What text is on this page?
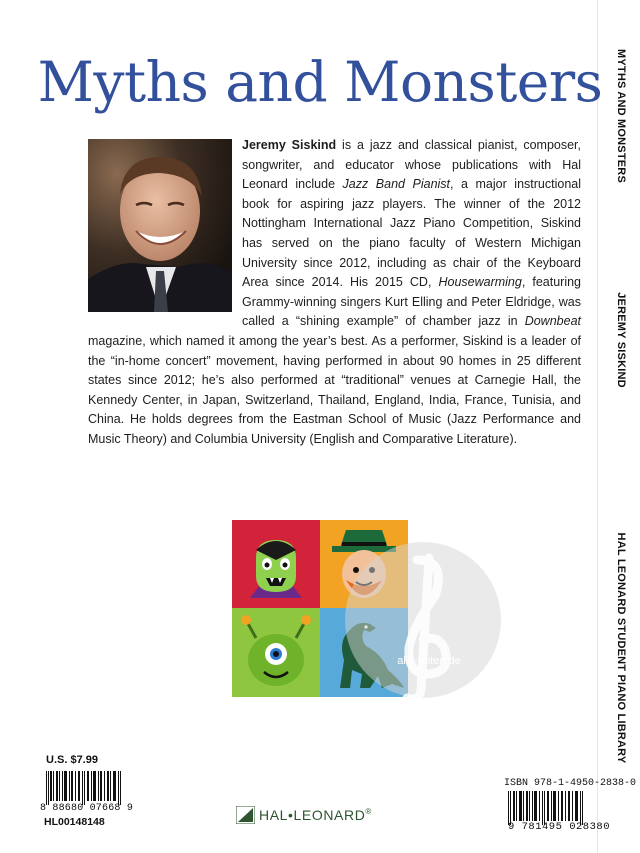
MYTHS AND MONSTERS
JEREMY SISKIND
HAL LEONARD STUDENT PIANO LIBRARY
Myths and Monsters
Jeremy Siskind is a jazz and classical pianist, composer, songwriter, and educator whose publications with Hal Leonard include Jazz Band Pianist, a major instructional book for aspiring jazz players. The winner of the 2012 Nottingham International Jazz Piano Competition, Siskind has served on the piano faculty of Western Michigan University since 2012, including as chair of the Keyboard Area since 2014. His 2015 CD, Housewarming, featuring Grammy-winning singers Kurt Elling and Peter Eldridge, was called a “shining example” of chamber jazz in Downbeat magazine, which named it among the year’s best. As a performer, Siskind is a leader of the “in-home concert” movement, having performed in about 90 homes in 25 different states since 2012; he’s also performed at “traditional” venues at Carnegie Hall, the Kennedy Center, in Japan, Switzerland, Thailand, England, India, France, Tunisia, and China. He holds degrees from the Eastman School of Music (Jazz Performance and Music Theory) and Columbia University (English and Comparative Literature).
alle-noten.de
U.S. $7.99
8 88680 07668 9
HL00148148	HAL•LEONARD®
ISBN 978-1-4950-2838-0
9 781495 028380
